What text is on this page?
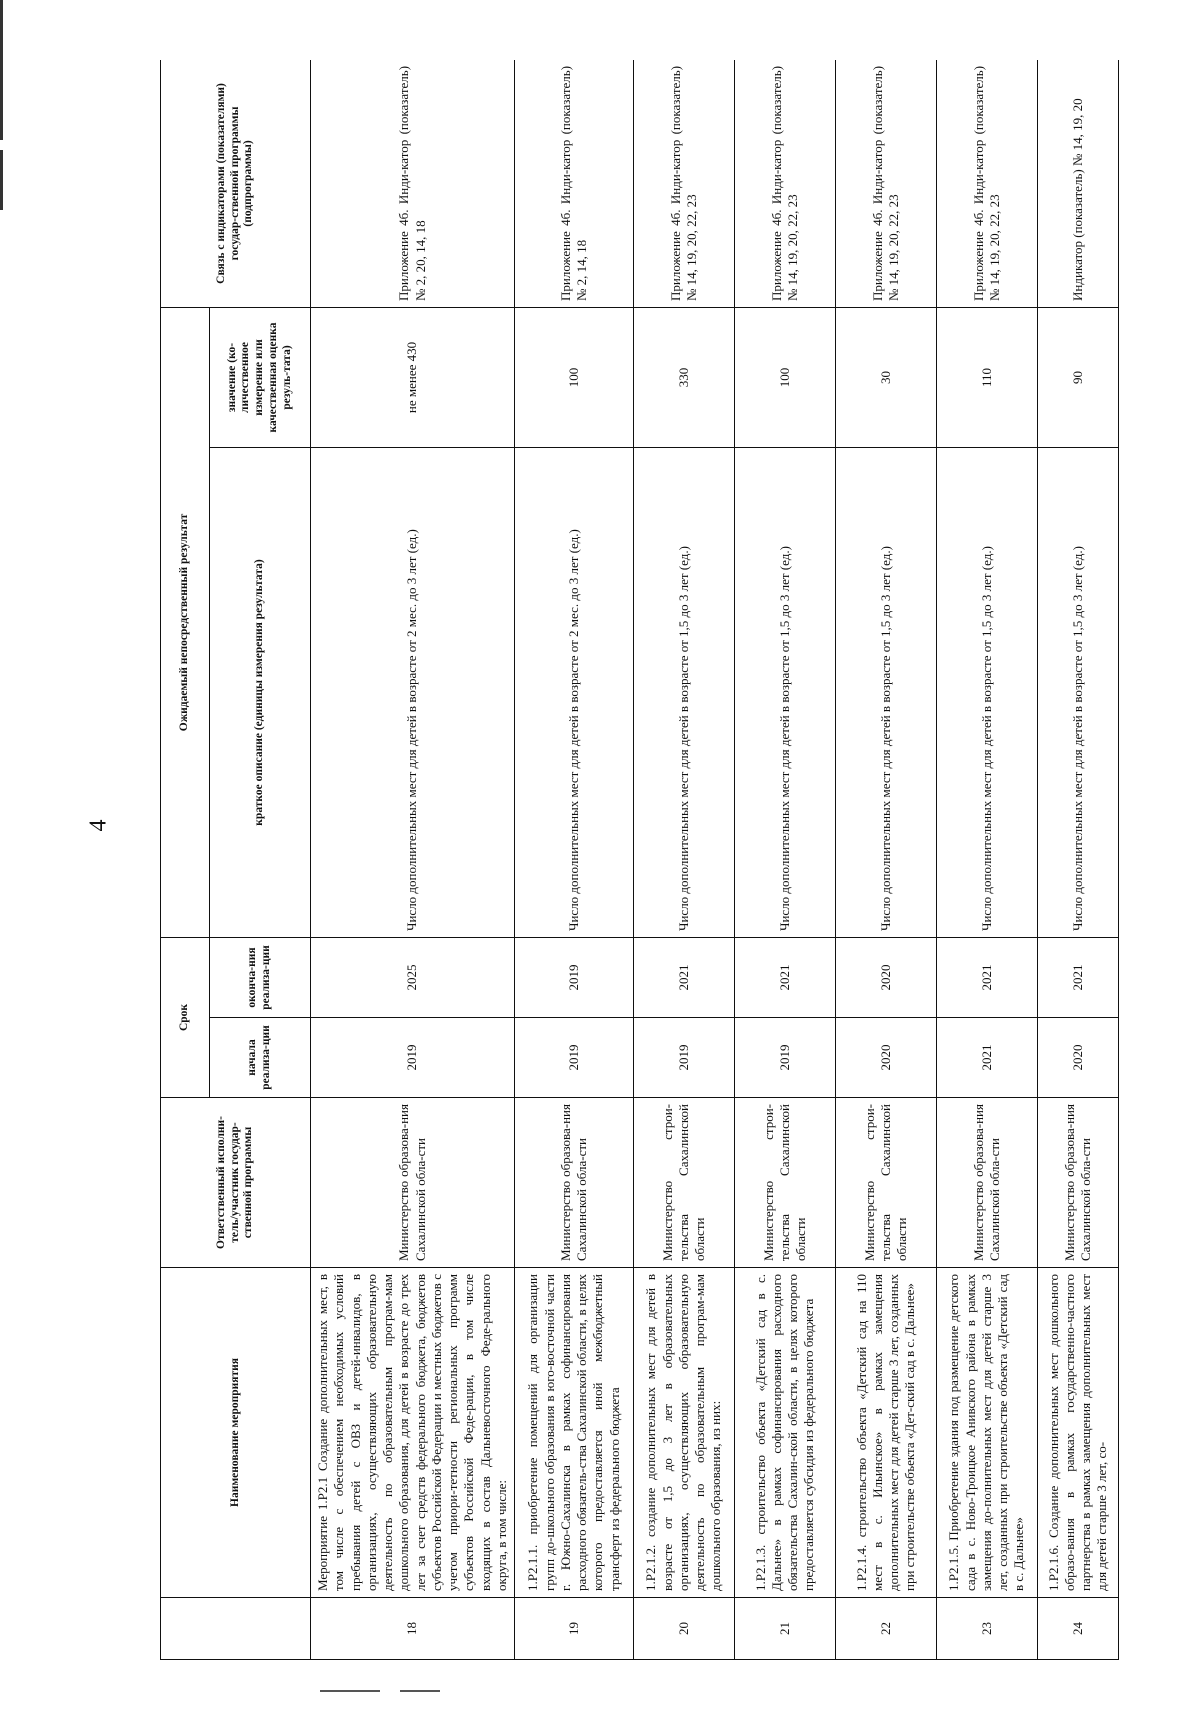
4
	Наименование мероприятия	Ответственный исполни-тель/участник государ-ственной программы	Срок		Ожидаемый непосредственный результат		Связь с индикаторами (показателями) государ-ственной программы (подпрограммы)
			начала реализа-ции	оконча-ния реализа-ции	краткое описание (единицы измерения результата)	значение (ко-личественное измерение или качественная оценка резуль-тата)	
18	Мероприятие 1.Р2.1 Создание дополнительных мест, в том числе с обеспечением необходимых условий пребывания детей с ОВЗ и детей-инвалидов, в организациях, осуществляющих образовательную деятельность по образовательным програм-мам дошкольного образования, для детей в возрасте до трех лет за счет средств федерального бюджета, бюджетов субъектов Российской Федерации и местных бюджетов с учетом приори-тетности региональных программ субъектов Российской Феде-рации, в том числе входящих в состав Дальневосточного Феде-рального округа, в том числе:	Министерство образова-ния Сахалинской обла-сти	2019	2025	Число дополнительных мест для детей в возрасте от 2 мес. до 3 лет (ед.)	не менее 430	Приложение 4б. Инди-катор (показатель) № 2, 20, 14, 18
19	1.Р2.1.1. приобретение помещений для организации групп до-школьного образования в юго-восточной части г. Южно-Сахалинска в рамках софинансирования расходного обязатель-ства Сахалинской области, в целях которого предоставляется иной межбюджетный трансферт из федерального бюджета	Министерство образова-ния Сахалинской обла-сти	2019	2019	Число дополнительных мест для детей в возрасте от 2 мес. до 3 лет (ед.)	100	Приложение 4б. Инди-катор (показатель) № 2, 14, 18
20	1.Р2.1.2. создание дополнительных мест для детей в возрасте от 1,5 до 3 лет в образовательных организациях, осуществляющих образовательную деятельность по образовательным програм-мам дошкольного образования, из них:	Министерство строи-тельства Сахалинской области	2019	2021	Число дополнительных мест для детей в возрасте от 1,5 до 3 лет (ед.)	330	Приложение 4б. Инди-катор (показатель) № 14, 19, 20, 22, 23
21	1.Р2.1.3. строительство объекта «Детский сад в с. Дальнее» в рамках софинансирования расходного обязательства Сахалин-ской области, в целях которого предоставляется субсидия из федерального бюджета	Министерство строи-тельства Сахалинской области	2019	2021	Число дополнительных мест для детей в возрасте от 1,5 до 3 лет (ед.)	100	Приложение 4б. Инди-катор (показатель) № 14, 19, 20, 22, 23
22	1.Р2.1.4. строительство объекта «Детский сад на 110 мест в с. Ильинское» в рамках замещения дополнительных мест для детей старше 3 лет, созданных при строительстве объекта «Дет-ский сад в с. Дальнее»	Министерство строи-тельства Сахалинской области	2020	2020	Число дополнительных мест для детей в возрасте от 1,5 до 3 лет (ед.)	30	Приложение 4б. Инди-катор (показатель) № 14, 19, 20, 22, 23
23	1.Р2.1.5. Приобретение здания под размещение детского сада в с. Ново-Троицкое Анивского района в рамках замещения до-полнительных мест для детей старше 3 лет, созданных при строительстве объекта «Детский сад в с. Дальнее»	Министерство образова-ния Сахалинской обла-сти	2021	2021	Число дополнительных мест для детей в возрасте от 1,5 до 3 лет (ед.)	110	Приложение 4б. Инди-катор (показатель) № 14, 19, 20, 22, 23
24	1.Р2.1.6. Создание дополнительных мест дошкольного образо-вания в рамках государственно-частного партнерства в рамках замещения дополнительных мест для детей старше 3 лет, со-	Министерство образова-ния Сахалинской обла-сти	2020	2021	Число дополнительных мест для детей в возрасте от 1,5 до 3 лет (ед.)	90	Индикатор (показатель) № 14, 19, 20
